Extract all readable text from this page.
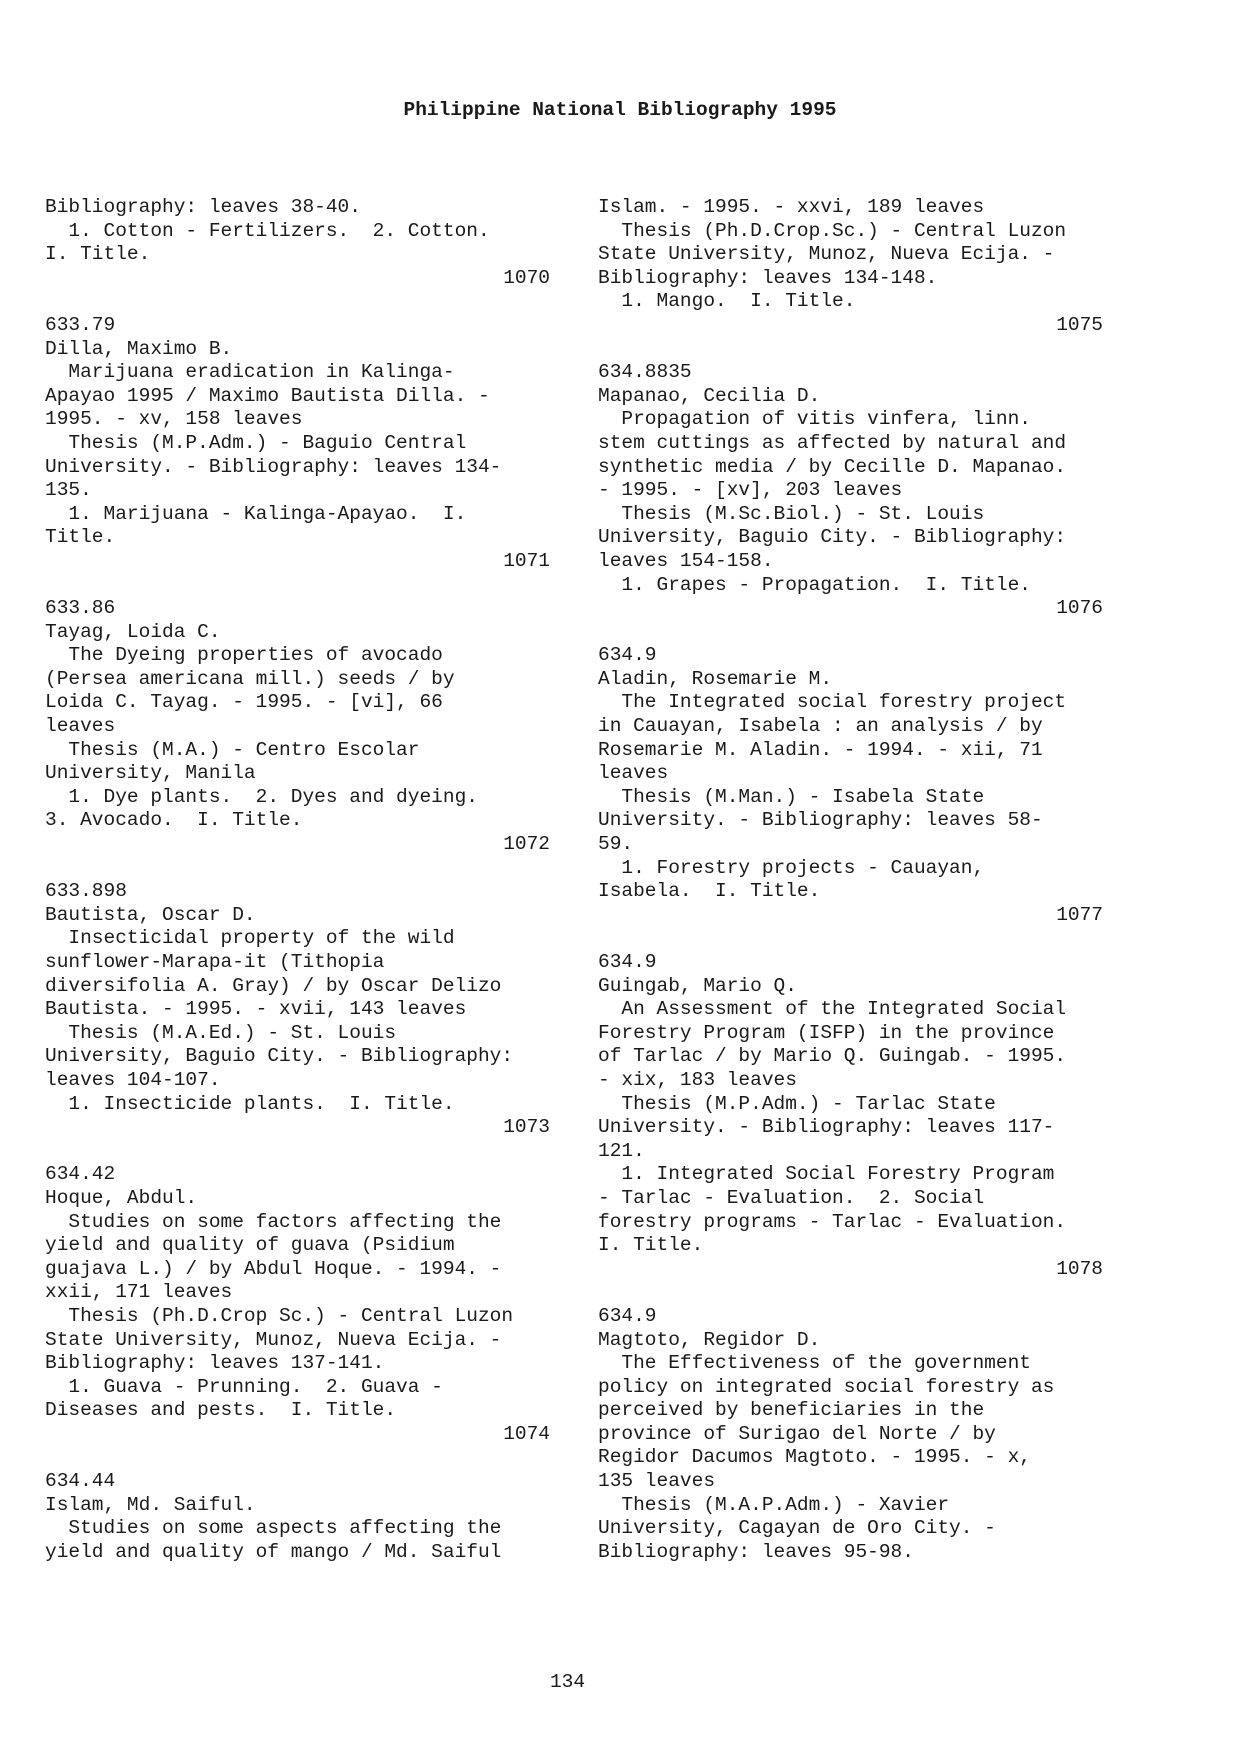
Philippine National Bibliography 1995
Bibliography: leaves 38-40.
1. Cotton - Fertilizers.  2. Cotton.
I. Title.
1070
633.79
Dilla, Maximo B.
Marijuana eradication in Kalinga-
Apayao 1995 / Maximo Bautista Dilla. -
1995. - xv, 158 leaves
Thesis (M.P.Adm.) - Baguio Central
University. - Bibliography: leaves 134-
135.
1. Marijuana - Kalinga-Apayao.  I.
Title.
1071
633.86
Tayag, Loida C.
The Dyeing properties of avocado
(Persea americana mill.) seeds / by
Loida C. Tayag. - 1995. - [vi], 66
leaves
Thesis (M.A.) - Centro Escolar
University, Manila
1. Dye plants.  2. Dyes and dyeing.
3. Avocado.  I. Title.
1072
633.898
Bautista, Oscar D.
Insecticidal property of the wild
sunflower-Marapa-it (Tithopia
diversifolia A. Gray) / by Oscar Delizo
Bautista. - 1995. - xvii, 143 leaves
Thesis (M.A.Ed.) - St. Louis
University, Baguio City. - Bibliography:
leaves 104-107.
1. Insecticide plants.  I. Title.
1073
634.42
Hoque, Abdul.
Studies on some factors affecting the
yield and quality of guava (Psidium
guajava L.) / by Abdul Hoque. - 1994. -
xxii, 171 leaves
Thesis (Ph.D.Crop Sc.) - Central Luzon
State University, Munoz, Nueva Ecija. -
Bibliography: leaves 137-141.
1. Guava - Prunning.  2. Guava -
Diseases and pests.  I. Title.
1074
634.44
Islam, Md. Saiful.
Studies on some aspects affecting the
yield and quality of mango / Md. Saiful
Islam. - 1995. - xxvi, 189 leaves
Thesis (Ph.D.Crop.Sc.) - Central Luzon
State University, Munoz, Nueva Ecija. -
Bibliography: leaves 134-148.
1. Mango.  I. Title.
1075
634.8835
Mapanao, Cecilia D.
Propagation of vitis vinfera, linn.
stem cuttings as affected by natural and
synthetic media / by Cecille D. Mapanao.
- 1995. - [xv], 203 leaves
Thesis (M.Sc.Biol.) - St. Louis
University, Baguio City. - Bibliography:
leaves 154-158.
1. Grapes - Propagation.  I. Title.
1076
634.9
Aladin, Rosemarie M.
The Integrated social forestry project
in Cauayan, Isabela : an analysis / by
Rosemarie M. Aladin. - 1994. - xii, 71
leaves
Thesis (M.Man.) - Isabela State
University. - Bibliography: leaves 58-
59.
1. Forestry projects - Cauayan,
Isabela.  I. Title.
1077
634.9
Guingab, Mario Q.
An Assessment of the Integrated Social
Forestry Program (ISFP) in the province
of Tarlac / by Mario Q. Guingab. - 1995.
- xix, 183 leaves
Thesis (M.P.Adm.) - Tarlac State
University. - Bibliography: leaves 117-
121.
1. Integrated Social Forestry Program
- Tarlac - Evaluation.  2. Social
forestry programs - Tarlac - Evaluation.
I. Title.
1078
634.9
Magtoto, Regidor D.
The Effectiveness of the government
policy on integrated social forestry as
perceived by beneficiaries in the
province of Surigao del Norte / by
Regidor Dacumos Magtoto. - 1995. - x,
135 leaves
Thesis (M.A.P.Adm.) - Xavier
University, Cagayan de Oro City. -
Bibliography: leaves 95-98.
134
